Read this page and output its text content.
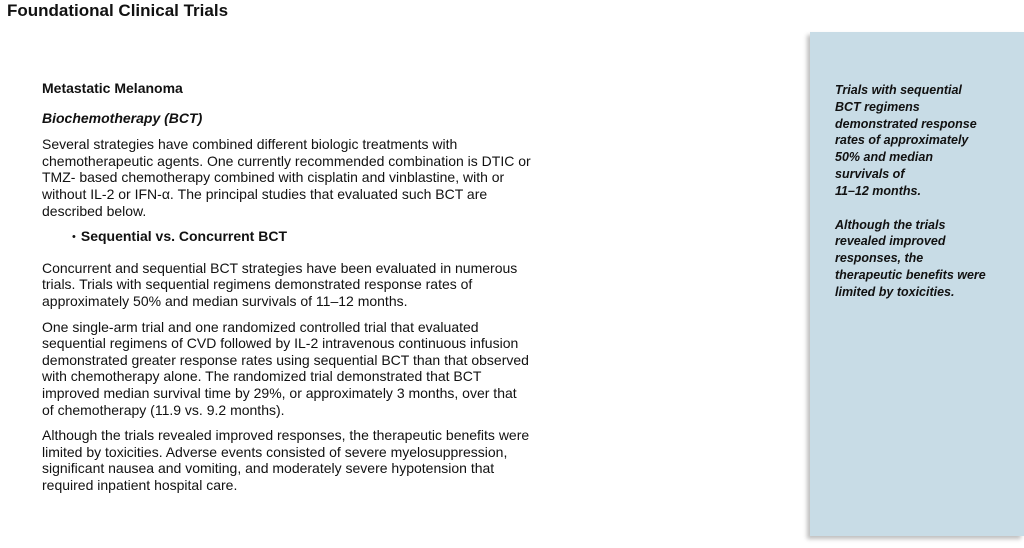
Foundational Clinical Trials
Metastatic Melanoma
Biochemotherapy (BCT)

Several strategies have combined different biologic treatments with chemotherapeutic agents. One currently recommended combination is DTIC or TMZ- based chemotherapy combined with cisplatin and vinblastine, with or without IL-2 or IFN-α. The principal studies that evaluated such BCT are described below.

• Sequential vs. Concurrent BCT

Concurrent and sequential BCT strategies have been evaluated in numerous trials. Trials with sequential regimens demonstrated response rates of approximately 50% and median survivals of 11–12 months.

One single-arm trial and one randomized controlled trial that evaluated sequential regimens of CVD followed by IL-2 intravenous continuous infusion demonstrated greater response rates using sequential BCT than that observed with chemotherapy alone. The randomized trial demonstrated that BCT improved median survival time by 29%, or approximately 3 months, over that of chemotherapy (11.9 vs. 9.2 months).

Although the trials revealed improved responses, the therapeutic benefits were limited by toxicities. Adverse events consisted of severe myelosuppression, significant nausea and vomiting, and moderately severe hypotension that required inpatient hospital care.

Trials with sequential
BCT regimens
demonstrated response
rates of approximately
50% and median
survivals of
11–12 months.
Although the trials
revealed improved
responses, the
therapeutic benefits were
limited by toxicities.
